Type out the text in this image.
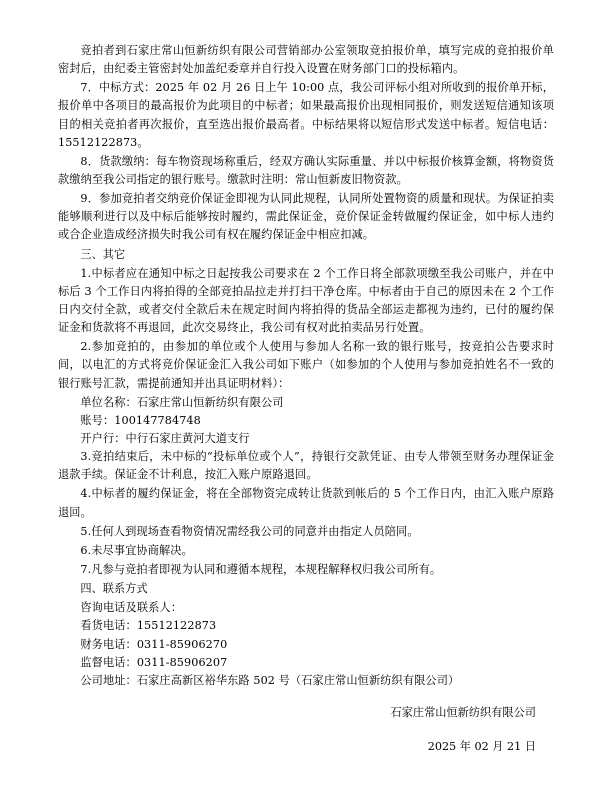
竞拍者到石家庄常山恒新纺织有限公司营销部办公室领取竞拍报价单，填写完成的竞拍报价单密封后，由纪委主管密封处加盖纪委章并自行投入设置在财务部门口的投标箱内。

7．中标方式：2025 年 02 月 26 日上午 10:00 点，我公司评标小组对所收到的报价单开标，报价单中各项目的最高报价为此项目的中标者；如果最高报价出现相同报价，则发送短信通知该项目的相关竞拍者再次报价，直至选出报价最高者。中标结果将以短信形式发送中标者。短信电话：15512122873。

8．货款缴纳：每车物资现场称重后，经双方确认实际重量、并以中标报价核算金额，将物资货款缴纳至我公司指定的银行账号。缴款时注明：常山恒新废旧物资款。

9．参加竞拍者交纳竞价保证金即视为认同此规程，认同所处置物资的质量和现状。为保证拍卖能够顺利进行以及中标后能够按时履约，需此保证金，竞价保证金转做履约保证金，如中标人违约或合企业造成经济损失时我公司有权在履约保证金中相应扣减。

三、其它

1.中标者应在通知中标之日起按我公司要求在 2 个工作日将全部款项缴至我公司账户，并在中标后 3 个工作日内将拍得的全部竞拍品拉走并打扫干净仓库。中标者由于自己的原因未在 2 个工作日内交付全款，或者交付全款后未在规定时间内将拍得的货品全部运走都视为违约，已付的履约保证金和货款将不再退回，此次交易终止，我公司有权对此拍卖品另行处置。

2.参加竞拍的，由参加的单位或个人使用与参加人名称一致的银行账号，按竞拍公告要求时间，以电汇的方式将竞价保证金汇入我公司如下账户（如参加的个人使用与参加竞拍姓名不一致的银行账号汇款，需提前通知并出具证明材料）：

单位名称：石家庄常山恒新纺织有限公司

账号：100147784748

开户行：中行石家庄黄河大道支行

3.竞拍结束后，未中标的“投标单位或个人”，持银行交款凭证、由专人带领至财务办理保证金退款手续。保证金不计利息，按汇入账户原路退回。

4.中标者的履约保证金，将在全部物资完成转让货款到帐后的 5 个工作日内，由汇入账户原路退回。

5.任何人到现场查看物资情况需经我公司的同意并由指定人员陪同。

6.未尽事宜协商解决。

7.凡参与竞拍者即视为认同和遵循本规程，本规程解释权归我公司所有。

四、联系方式

咨询电话及联系人：

看货电话：15512122873

财务电话：0311-85906270

监督电话：0311-85906207

公司地址：石家庄高新区裕华东路 502 号（石家庄常山恒新纺织有限公司）

石家庄常山恒新纺织有限公司

2025 年 02 月 21 日
